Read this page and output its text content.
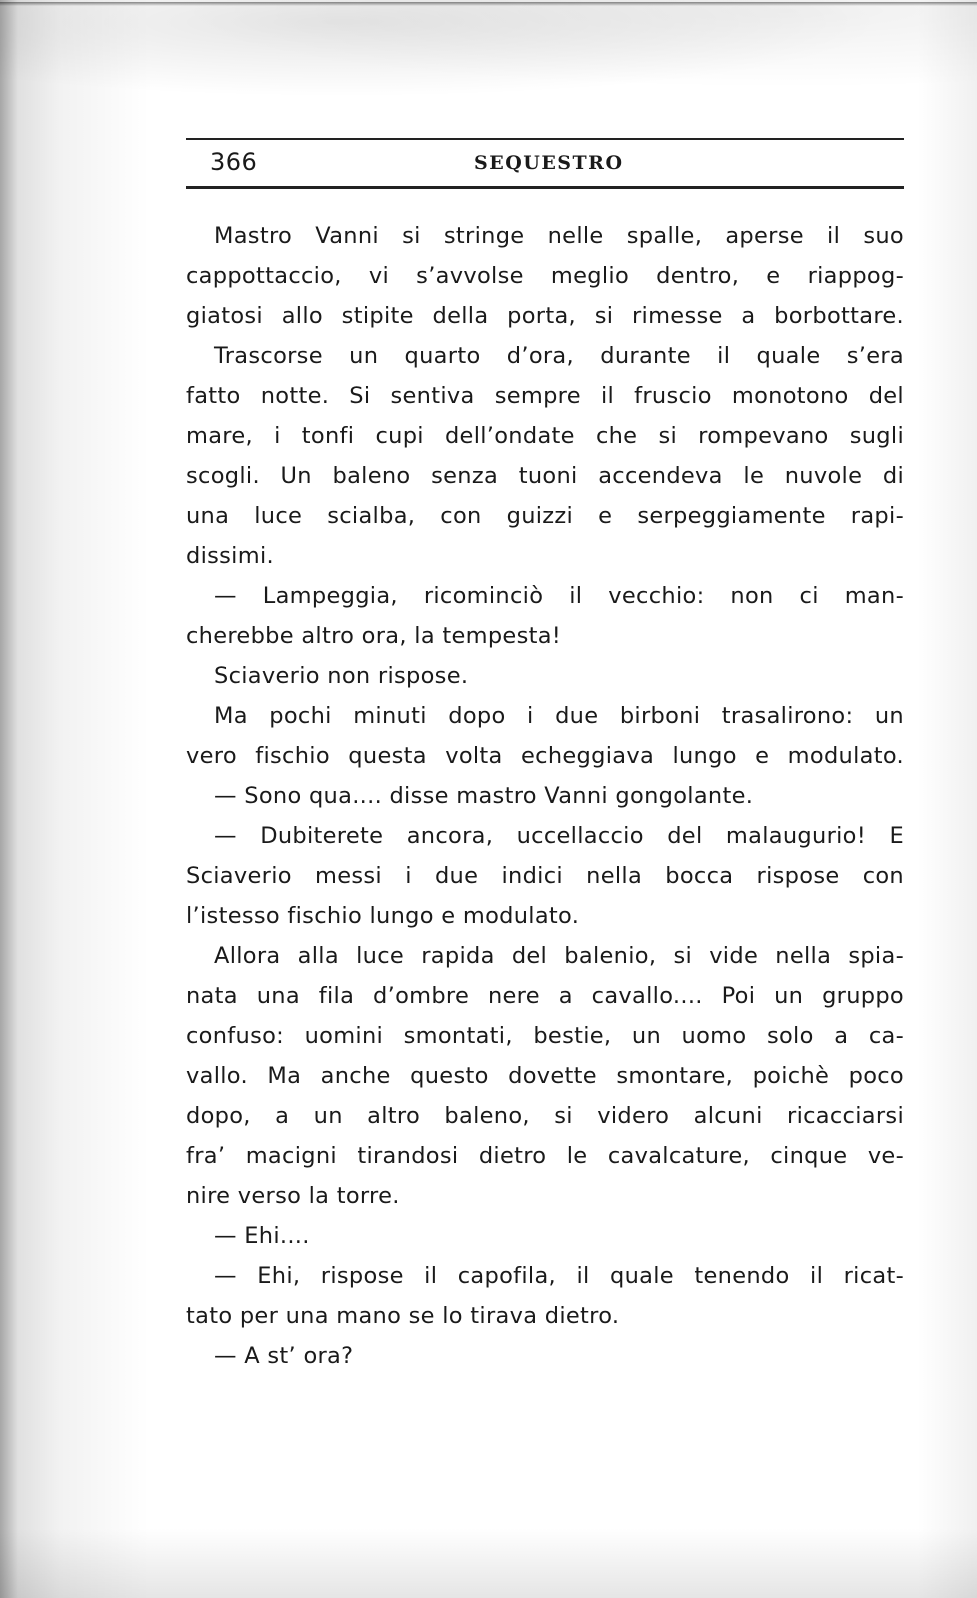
366	SEQUESTRO
Mastro Vanni si stringe nelle spalle, aperse il suo
cappottaccio, vi s’avvolse meglio dentro, e riappog-
giatosi allo stipite della porta, si rimesse a borbottare.
Trascorse un quarto d’ora, durante il quale s’era
fatto notte. Si sentiva sempre il fruscio monotono del
mare, i tonfi cupi dell’ondate che si rompevano sugli
scogli. Un baleno senza tuoni accendeva le nuvole di
una luce scialba, con guizzi e serpeggiamente rapi-
dissimi.
— Lampeggia, ricominciò il vecchio: non ci man-
cherebbe altro ora, la tempesta!
Sciaverio non rispose.
Ma pochi minuti dopo i due birboni trasalirono: un
vero fischio questa volta echeggiava lungo e modulato.
— Sono qua.... disse mastro Vanni gongolante.
— Dubiterete ancora, uccellaccio del malaugurio! E
Sciaverio messi i due indici nella bocca rispose con
l’istesso fischio lungo e modulato.
Allora alla luce rapida del balenio, si vide nella spia-
nata una fila d’ombre nere a cavallo.... Poi un gruppo
confuso: uomini smontati, bestie, un uomo solo a ca-
vallo. Ma anche questo dovette smontare, poichè poco
dopo, a un altro baleno, si videro alcuni ricacciarsi
fra’ macigni tirandosi dietro le cavalcature, cinque ve-
nire verso la torre.
— Ehi....
— Ehi, rispose il capofila, il quale tenendo il ricat-
tato per una mano se lo tirava dietro.
— A st’ ora?
